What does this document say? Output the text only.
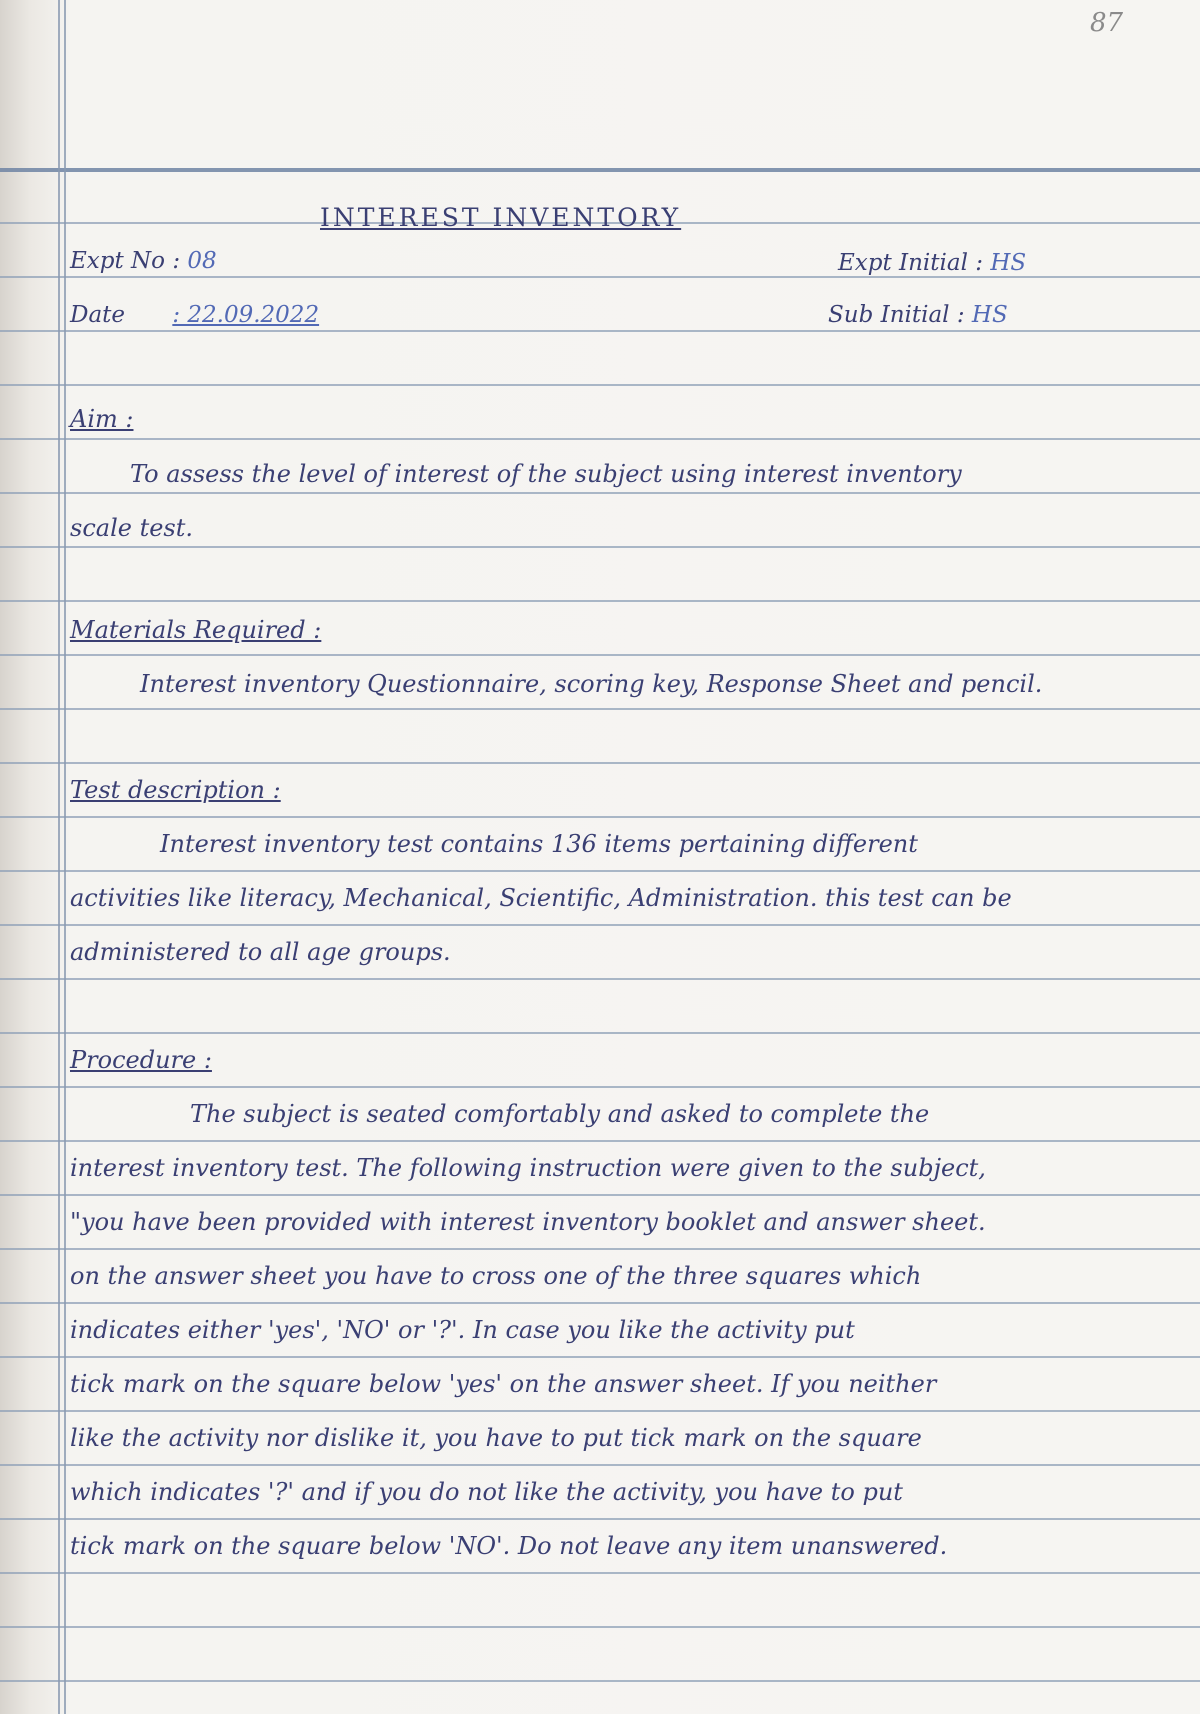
87
INTEREST INVENTORY
Expt No : 08
Date : 22.09.2022
Expt Initial : HS
Sub Initial : HS
Aim :
To assess the level of interest of the subject using interest inventory
scale test.
Materials Required :
Interest inventory Questionnaire, scoring key, Response Sheet and pencil.
Test description :
Interest inventory test contains 136 items pertaining different
activities like literacy, Mechanical, Scientific, Administration. this test can be
administered to all age groups.
Procedure :
The subject is seated comfortably and asked to complete the
interest inventory test. The following instruction were given to the subject,
"you have been provided with interest inventory booklet and answer sheet.
on the answer sheet you have to cross one of the three squares which
indicates either 'yes', 'NO' or '?'. In case you like the activity put
tick mark on the square below 'yes' on the answer sheet. If you neither
like the activity nor dislike it, you have to put tick mark on the square
which indicates '?' and if you do not like the activity, you have to put
tick mark on the square below 'NO'. Do not leave any item unanswered.
